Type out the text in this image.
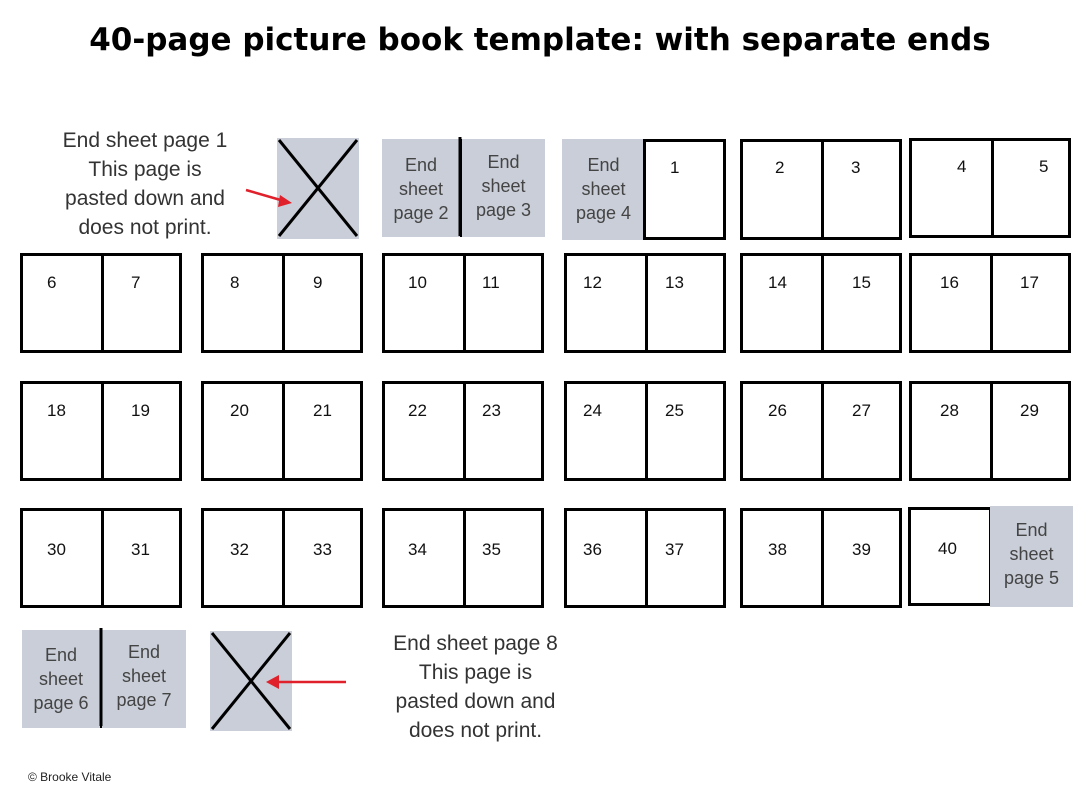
40-page picture book template: with separate ends
End sheet page 1
This page is
pasted down and
does not print.
End
sheet
page 2
End
sheet
page 3
End
sheet
page 4
1	2	3	4	5
6	7	8	9	10	11	12	13	14	15	16	17
18	19	20	21	22	23	24	25	26	27	28	29
30	31	32	33	34	35	36	37	38	39	40
End
sheet
page 5
End
sheet
page 6
End
sheet
page 7
End sheet page 8
This page is
pasted down and
does not print.
© Brooke Vitale
